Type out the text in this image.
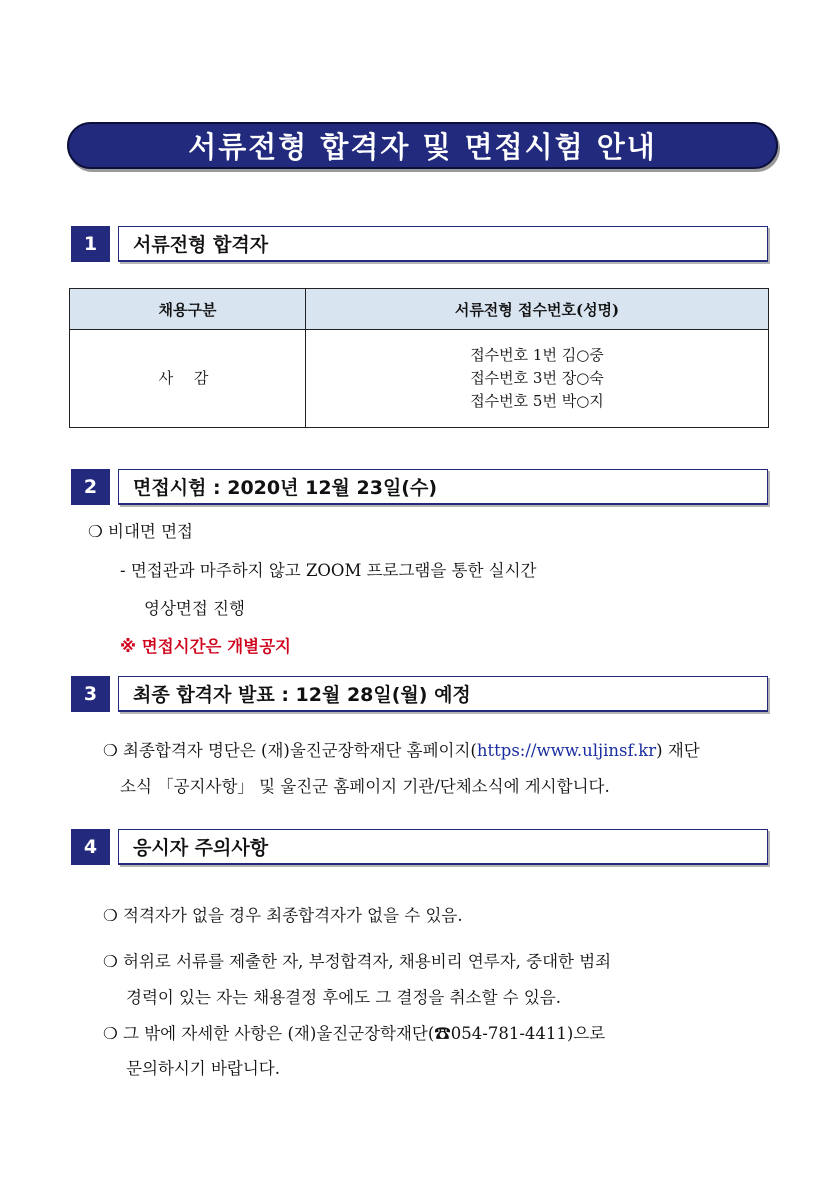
서류전형 합격자 및 면접시험 안내
1	서류전형 합격자
채용구분	서류전형 접수번호(성명)
사 감	접수번호 1번 김○중
접수번호 3번 장○숙
접수번호 5번 박○지
2	면접시험 : 2020년 12월 23일(수)
❍ 비대면 면접
- 면접관과 마주하지 않고 ZOOM 프로그램을 통한 실시간
영상면접 진행
※ 면접시간은 개별공지
3	최종 합격자 발표 : 12월 28일(월) 예정
❍ 최종합격자 명단은 (재)울진군장학재단 홈페이지(https://www.uljinsf.kr) 재단
소식 「공지사항」 및 울진군 홈페이지 기관/단체소식에 게시합니다.
4	응시자 주의사항
❍ 적격자가 없을 경우 최종합격자가 없을 수 있음.
❍ 허위로 서류를 제출한 자, 부정합격자, 채용비리 연루자, 중대한 범죄
경력이 있는 자는 채용결정 후에도 그 결정을 취소할 수 있음.
❍ 그 밖에 자세한 사항은 (재)울진군장학재단(☎054-781-4411)으로
문의하시기 바랍니다.
